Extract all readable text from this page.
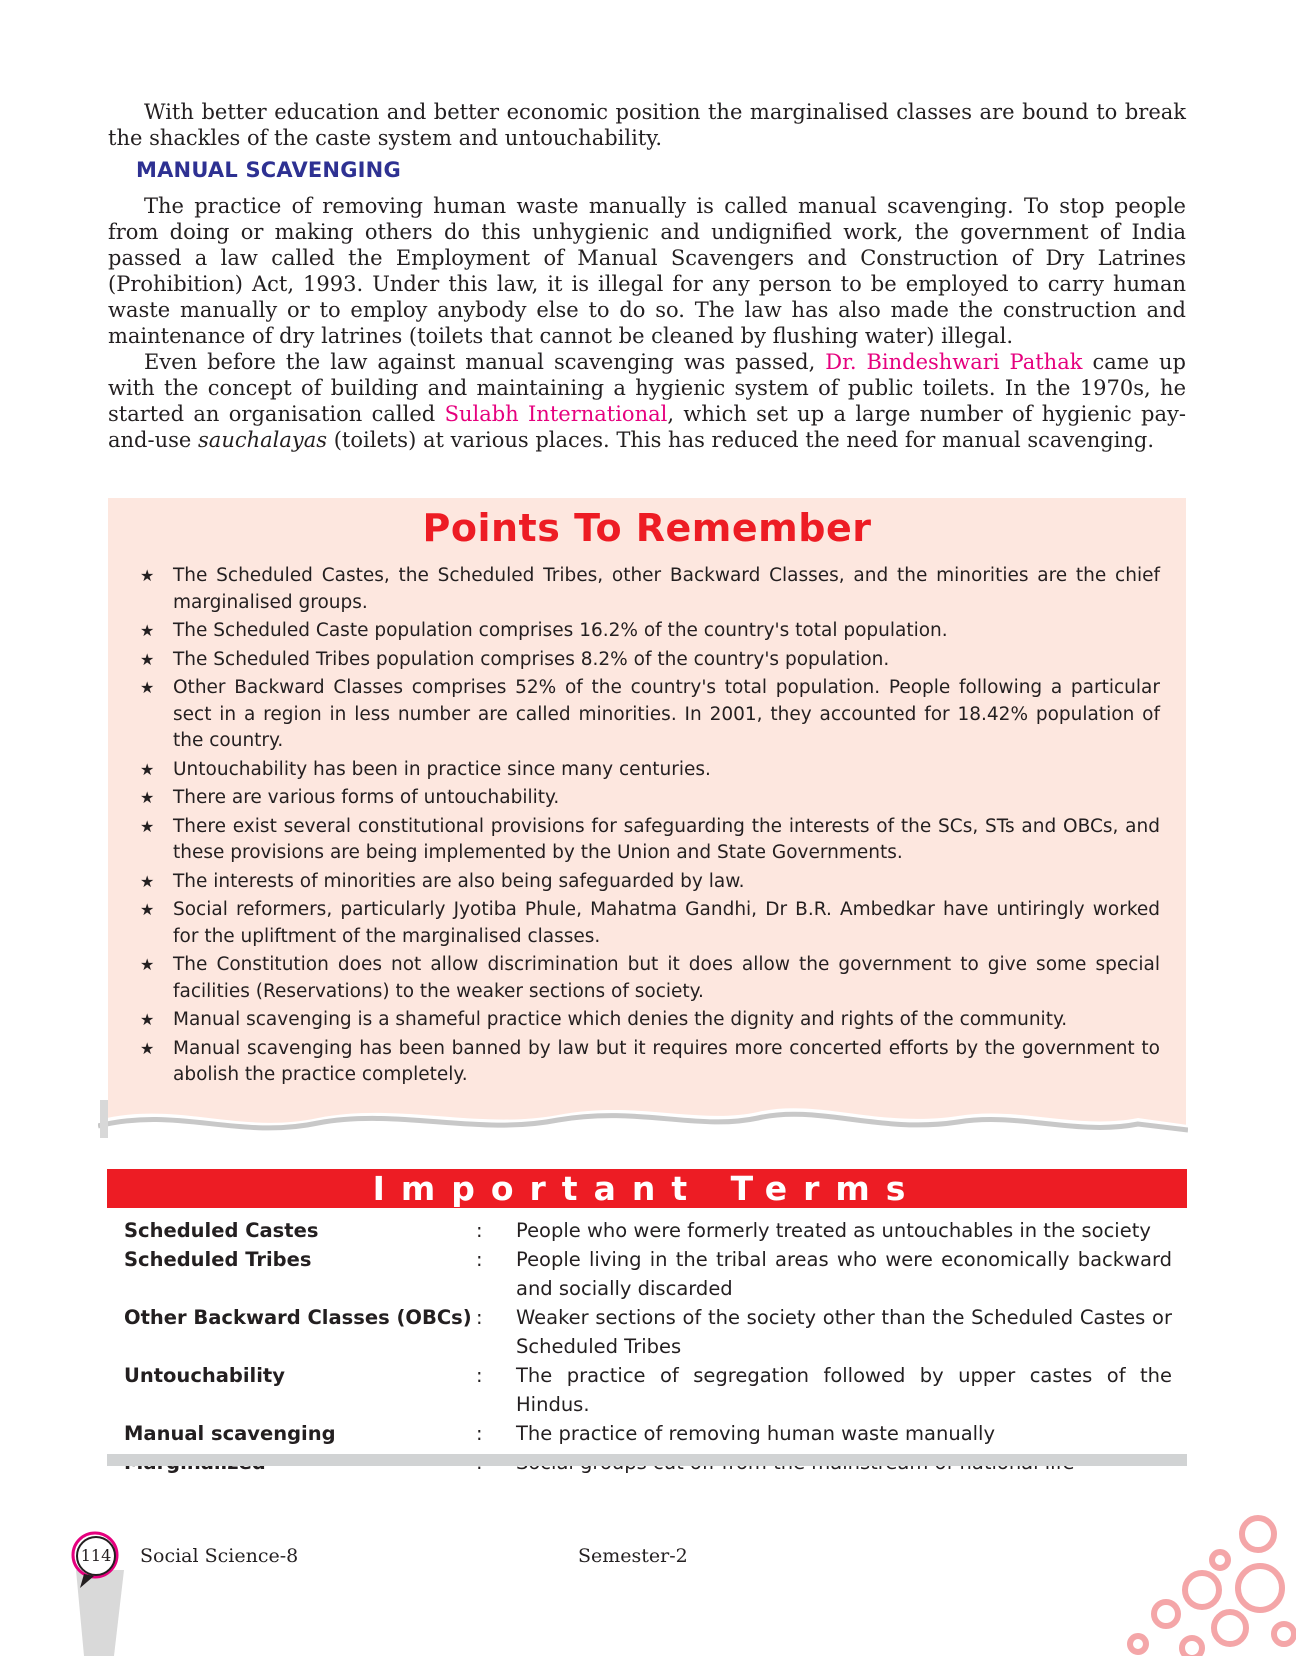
With better education and better economic position the marginalised classes are bound to break the shackles of the caste system and untouchability.

MANUAL SCAVENGING

The practice of removing human waste manually is called manual scavenging. To stop people from doing or making others do this unhygienic and undignified work, the government of India passed a law called the Employment of Manual Scavengers and Construction of Dry Latrines (Prohibition) Act, 1993. Under this law, it is illegal for any person to be employed to carry human waste manually or to employ anybody else to do so. The law has also made the construction and maintenance of dry latrines (toilets that cannot be cleaned by flushing water) illegal.

Even before the law against manual scavenging was passed, Dr. Bindeshwari Pathak came up with the concept of building and maintaining a hygienic system of public toilets. In the 1970s, he started an organisation called Sulabh International, which set up a large number of hygienic pay-and-use sauchalayas (toilets) at various places. This has reduced the need for manual scavenging.

Points To Remember
★ The Scheduled Castes, the Scheduled Tribes, other Backward Classes, and the minorities are the chief marginalised groups.
★ The Scheduled Caste population comprises 16.2% of the country's total population.
★ The Scheduled Tribes population comprises 8.2% of the country's population.
★ Other Backward Classes comprises 52% of the country's total population. People following a particular sect in a region in less number are called minorities. In 2001, they accounted for 18.42% population of the country.
★ Untouchability has been in practice since many centuries.
★ There are various forms of untouchability.
★ There exist several constitutional provisions for safeguarding the interests of the SCs, STs and OBCs, and these provisions are being implemented by the Union and State Governments.
★ The interests of minorities are also being safeguarded by law.
★ Social reformers, particularly Jyotiba Phule, Mahatma Gandhi, Dr B.R. Ambedkar have untiringly worked for the upliftment of the marginalised classes.
★ The Constitution does not allow discrimination but it does allow the government to give some special facilities (Reservations) to the weaker sections of society.
★ Manual scavenging is a shameful practice which denies the dignity and rights of the community.
★ Manual scavenging has been banned by law but it requires more concerted efforts by the government to abolish the practice completely.
Important Terms
Scheduled Castes	:	People who were formerly treated as untouchables in the society
Scheduled Tribes	:	People living in the tribal areas who were economically backward and socially discarded
Other Backward Classes (OBCs) :	Weaker sections of the society other than the Scheduled Castes or Scheduled Tribes
Untouchability	:	The practice of segregation followed by upper castes of the Hindus.
Manual scavenging	:	The practice of removing human waste manually
114 Social Science-8	Semester-2
